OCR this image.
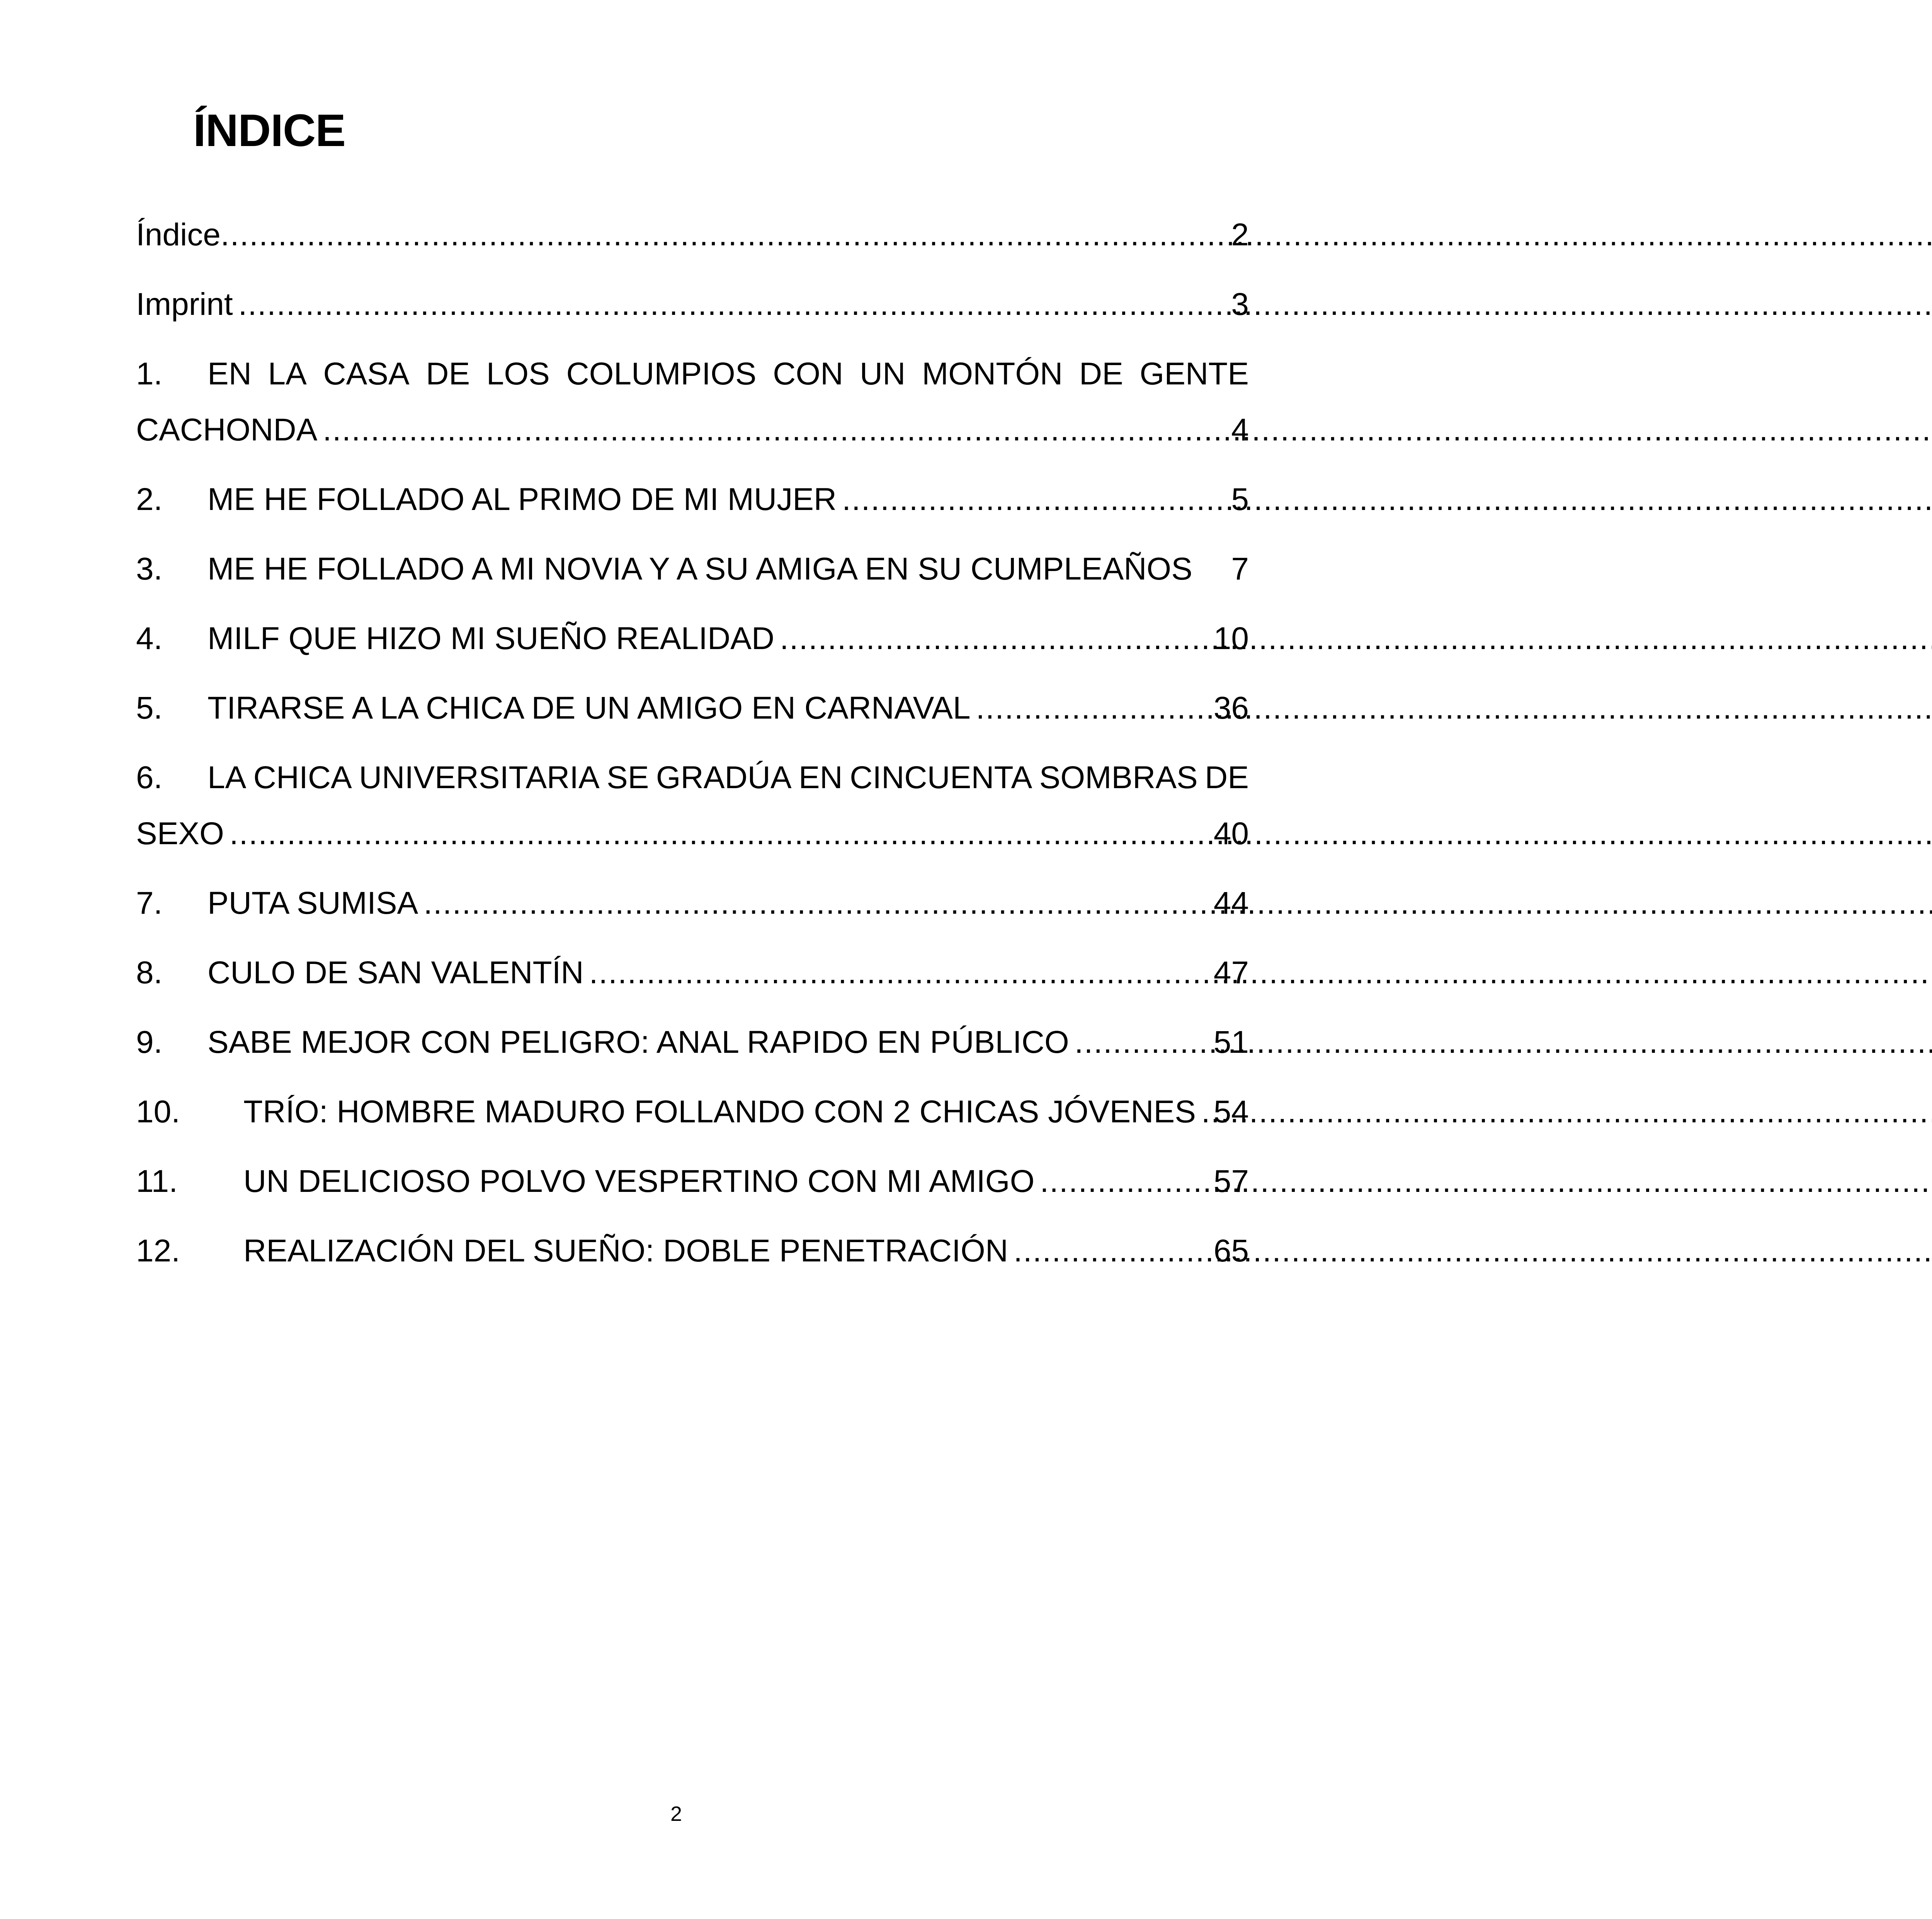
ÍNDICE
Índice .....	2
Imprint .....	3
1.	EN LA CASA DE LOS COLUMPIOS CON UN MONTÓN DE GENTE
CACHONDA .....	4
2.	ME HE FOLLADO AL PRIMO DE MI MUJER .....	5
3.	ME HE FOLLADO A MI NOVIA Y A SU AMIGA EN SU CUMPLEAÑOS 7
4.	MILF QUE HIZO MI SUEÑO REALIDAD .....	10
5.	TIRARSE A LA CHICA DE UN AMIGO EN CARNAVAL .....	36
6.	LA CHICA UNIVERSITARIA SE GRADÚA EN CINCUENTA SOMBRAS DE
SEXO .....	40
7.	PUTA SUMISA .....	44
8.	CULO DE SAN VALENTÍN .....	47
9.	SABE MEJOR CON PELIGRO: ANAL RAPIDO EN PÚBLICO .....	51
10.	TRÍO: HOMBRE MADURO FOLLANDO CON 2 CHICAS JÓVENES ..... 54
11.	UN DELICIOSO POLVO VESPERTINO CON MI AMIGO .....	57
12.	REALIZACIÓN DEL SUEÑO: DOBLE PENETRACIÓN .....	65
2
